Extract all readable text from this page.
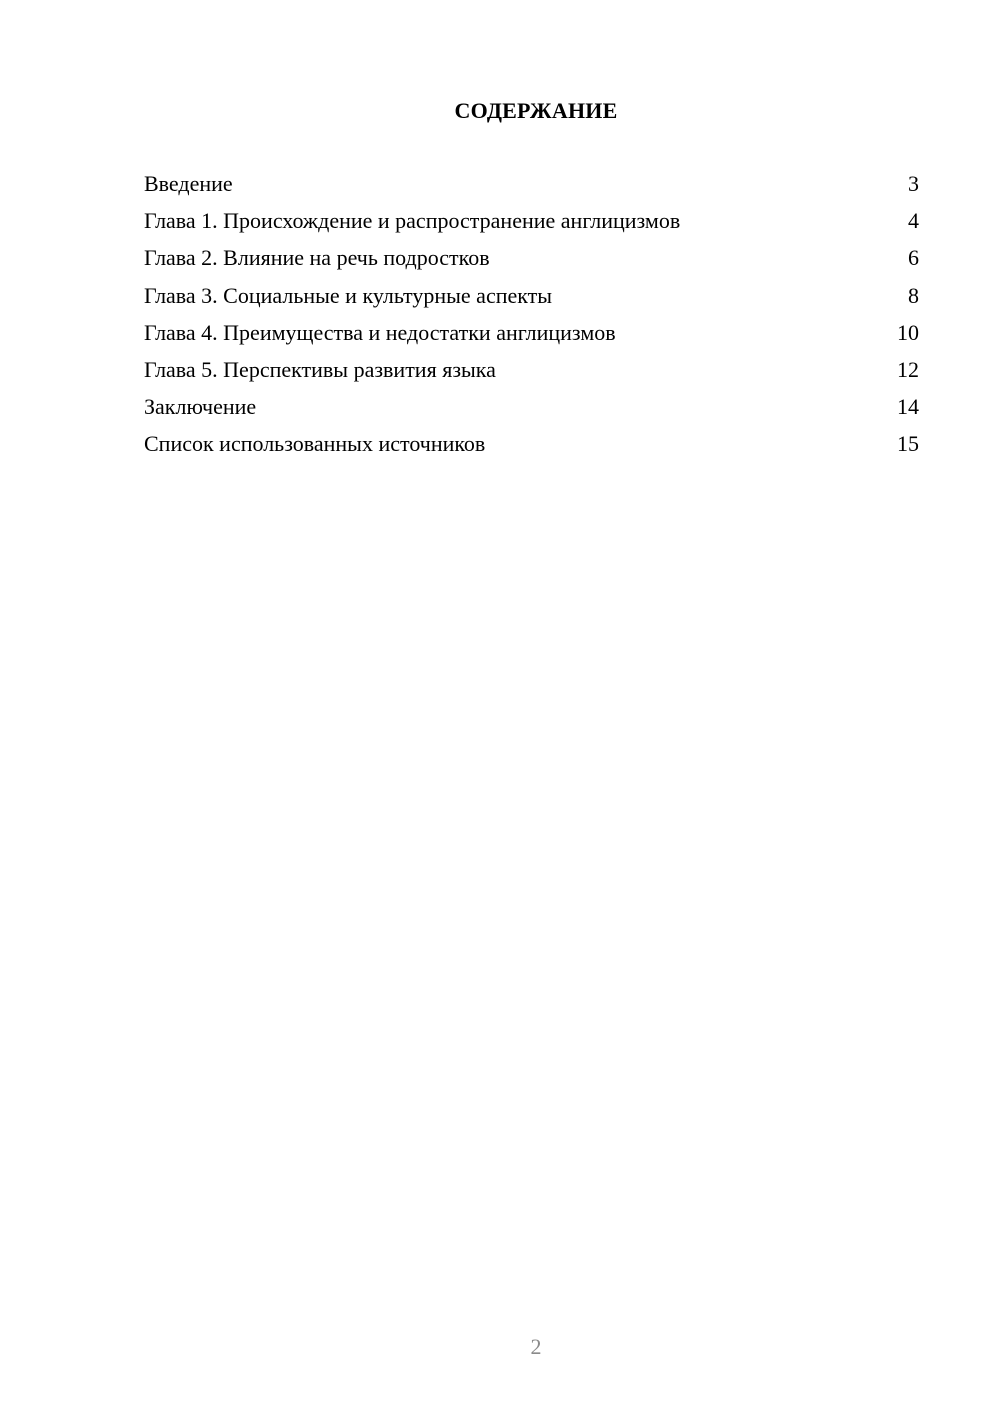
СОДЕРЖАНИЕ
Введение	3
Глава 1. Происхождение и распространение англицизмов	4
Глава 2. Влияние на речь подростков	6
Глава 3. Социальные и культурные аспекты	8
Глава 4. Преимущества и недостатки англицизмов	10
Глава 5. Перспективы развития языка	12
Заключение	14
Список использованных источников	15
2
